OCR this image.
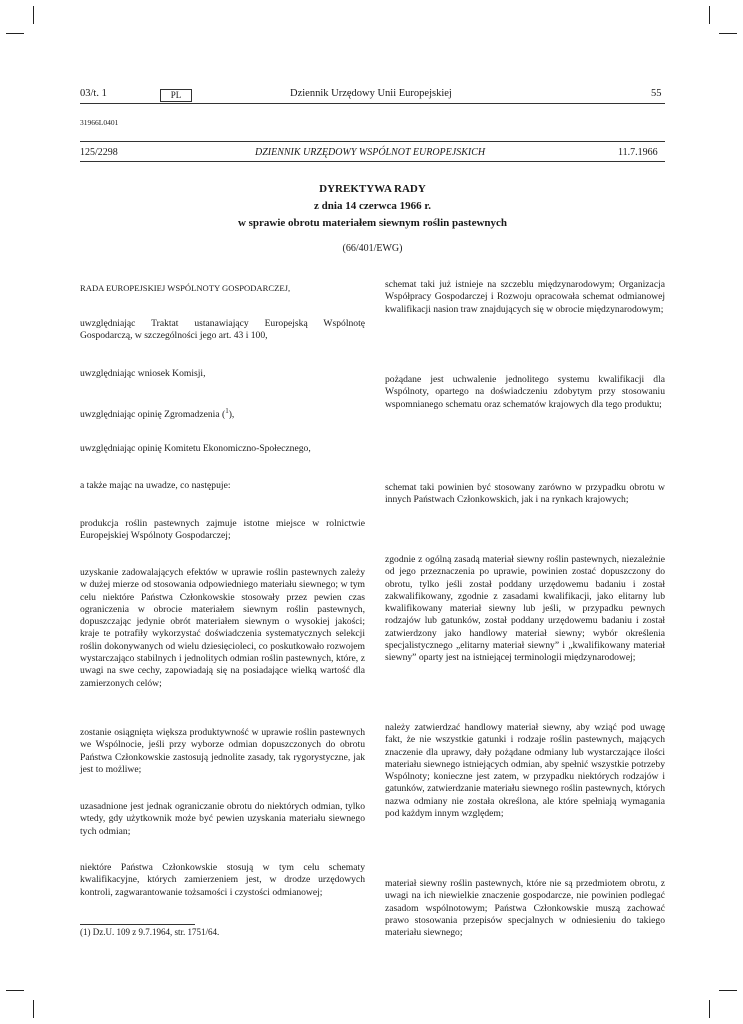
03/t. 1	PL	Dziennik Urzędowy Unii Europejskiej	55
31966L0401
125/2298	DZIENNIK URZĘDOWY WSPÓLNOT EUROPEJSKICH	11.7.1966
DYREKTYWA RADY
z dnia 14 czerwca 1966 r.
w sprawie obrotu materiałem siewnym roślin pastewnych
(66/401/EWG)

RADA EUROPEJSKIEJ WSPÓLNOTY GOSPODARCZEJ,

uwzględniając Traktat ustanawiający Europejską Wspólnotę Gospodarczą, w szczególności jego art. 43 i 100,

uwzględniając wniosek Komisji,

uwzględniając opinię Zgromadzenia ($^1$),

uwzględniając opinię Komitetu Ekonomiczno-Społecznego,

a także mając na uwadze, co następuje:

produkcja roślin pastewnych zajmuje istotne miejsce w rolnictwie Europejskiej Wspólnoty Gospodarczej;

uzyskanie zadowalających efektów w uprawie roślin pastewnych zależy w dużej mierze od stosowania odpowiedniego materiału siewnego; w tym celu niektóre Państwa Członkowskie stosowały przez pewien czas ograniczenia w obrocie materiałem siewnym roślin pastewnych, dopuszczając jedynie obrót materiałem siewnym o wysokiej jakości; kraje te potrafiły wykorzystać doświadczenia systematycznych selekcji roślin dokonywanych od wielu dziesięcioleci, co poskutkowało rozwojem wystarczająco stabilnych i jednolitych odmian roślin pastewnych, które, z uwagi na swe cechy, zapowiadają się na posiadające wielką wartość dla zamierzonych celów;

zostanie osiągnięta większa produktywność w uprawie roślin pastewnych we Wspólnocie, jeśli przy wyborze odmian dopuszczonych do obrotu Państwa Członkowskie zastosują jednolite zasady, tak rygorystyczne, jak jest to możliwe;

uzasadnione jest jednak ograniczanie obrotu do niektórych odmian, tylko wtedy, gdy użytkownik może być pewien uzyskania materiału siewnego tych odmian;

niektóre Państwa Członkowskie stosują w tym celu schematy kwalifikacyjne, których zamierzeniem jest, w drodze urzędowych kontroli, zagwarantowanie tożsamości i czystości odmianowej;

schemat taki już istnieje na szczeblu międzynarodowym; Organizacja Współpracy Gospodarczej i Rozwoju opracowała schemat odmianowej kwalifikacji nasion traw znajdujących się w obrocie międzynarodowym;

pożądane jest uchwalenie jednolitego systemu kwalifikacji dla Wspólnoty, opartego na doświadczeniu zdobytym przy stosowaniu wspomnianego schematu oraz schematów krajowych dla tego produktu;

schemat taki powinien być stosowany zarówno w przypadku obrotu w innych Państwach Członkowskich, jak i na rynkach krajowych;

zgodnie z ogólną zasadą materiał siewny roślin pastewnych, niezależnie od jego przeznaczenia po uprawie, powinien zostać dopuszczony do obrotu, tylko jeśli został poddany urzędowemu badaniu i został zakwalifikowany, zgodnie z zasadami kwalifikacji, jako elitarny lub kwalifikowany materiał siewny lub jeśli, w przypadku pewnych rodzajów lub gatunków, został poddany urzędowemu badaniu i został zatwierdzony jako handlowy materiał siewny; wybór określenia specjalistycznego „elitarny materiał siewny” i „kwalifikowany materiał siewny” oparty jest na istniejącej terminologii międzynarodowej;

należy zatwierdzać handlowy materiał siewny, aby wziąć pod uwagę fakt, że nie wszystkie gatunki i rodzaje roślin pastewnych, mających znaczenie dla uprawy, dały pożądane odmiany lub wystarczające ilości materiału siewnego istniejących odmian, aby spełnić wszystkie potrzeby Wspólnoty; konieczne jest zatem, w przypadku niektórych rodzajów i gatunków, zatwierdzanie materiału siewnego roślin pastewnych, których nazwa odmiany nie została określona, ale które spełniają wymagania pod każdym innym względem;

materiał siewny roślin pastewnych, które nie są przedmiotem obrotu, z uwagi na ich niewielkie znaczenie gospodarcze, nie powinien podlegać zasadom wspólnotowym; Państwa Członkowskie muszą zachować prawo stosowania przepisów specjalnych w odniesieniu do takiego materiału siewnego;

(1) Dz.U. 109 z 9.7.1964, str. 1751/64.
